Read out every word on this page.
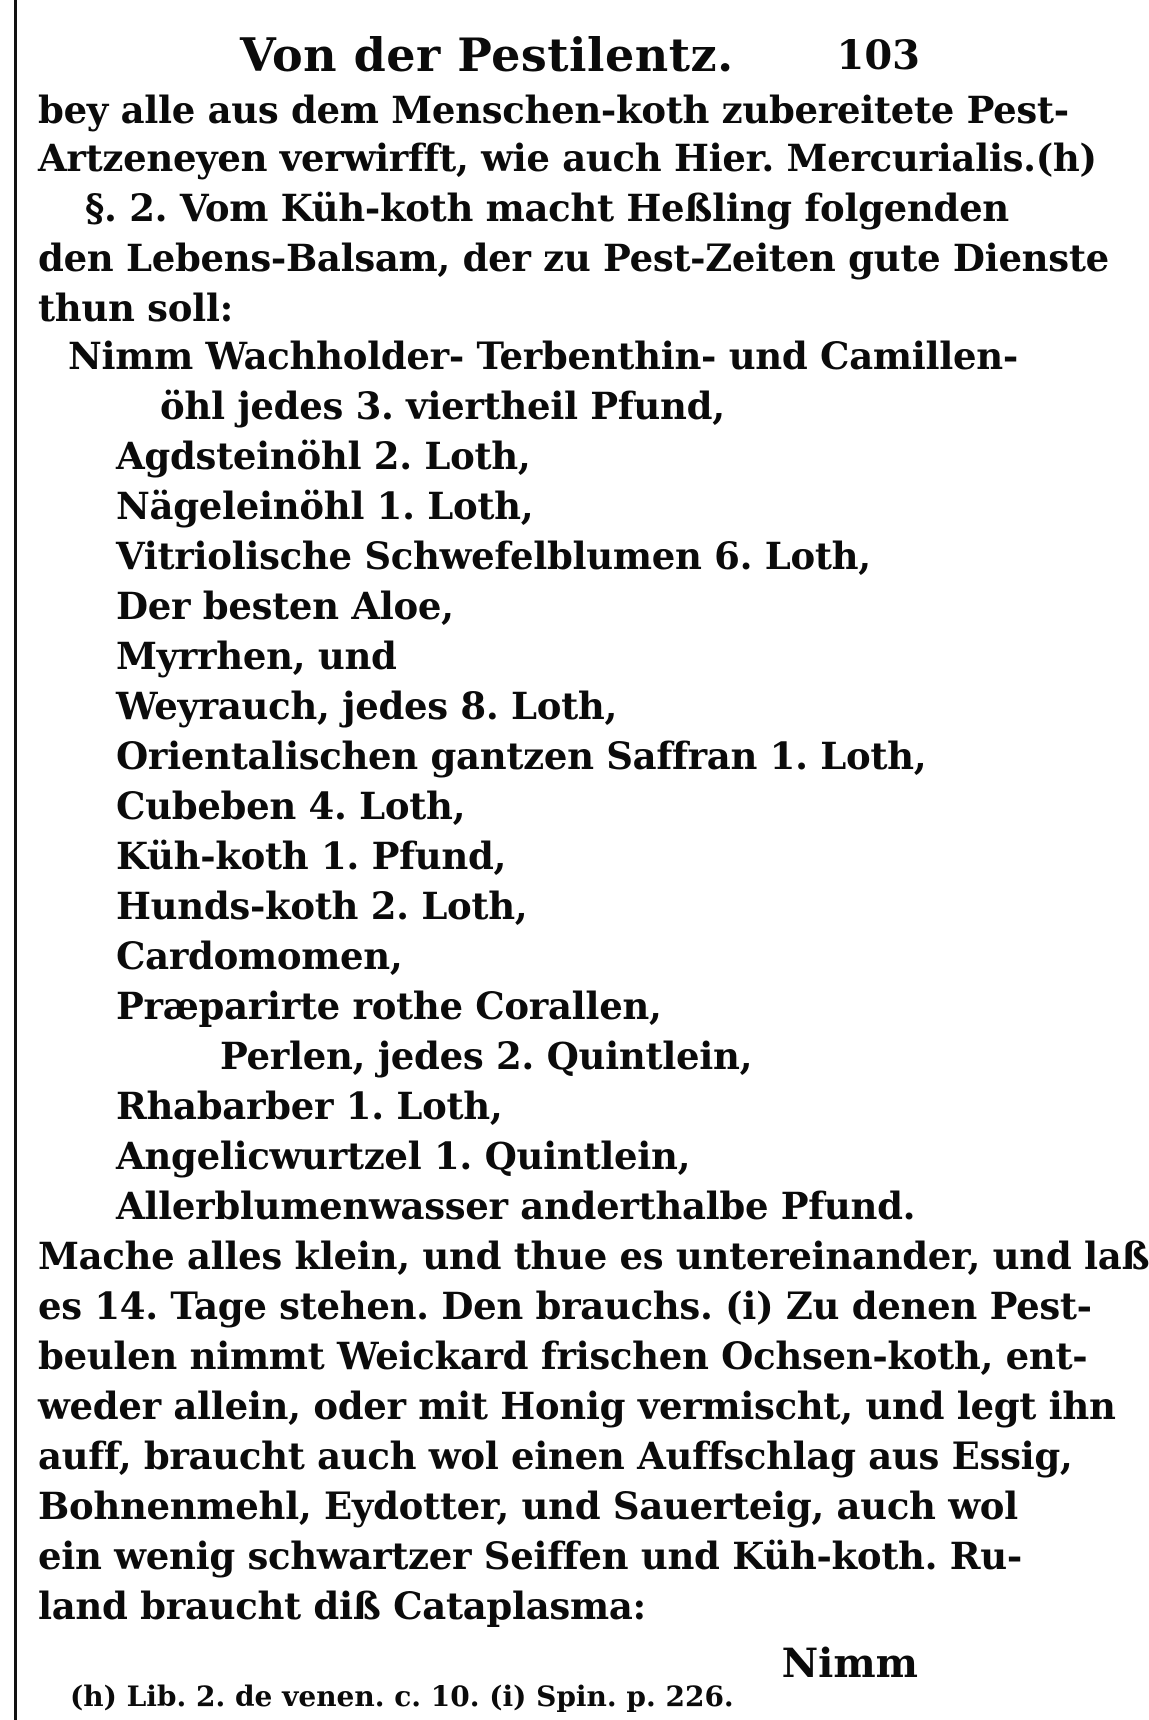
Von der Pestilentz.	103
bey alle aus dem Menschen-koth zubereitete Pest-
Artzeneyen verwirfft, wie auch Hier. Mercurialis.(h)
§. 2. Vom Küh-koth macht Heßling folgenden
den Lebens-Balsam, der zu Pest-Zeiten gute Dienste
thun soll:
Nimm Wachholder- Terbenthin- und Camillen-
öhl jedes 3. viertheil Pfund,
Agdsteinöhl 2. Loth,
Nägeleinöhl 1. Loth,
Vitriolische Schwefelblumen 6. Loth,
Der besten Aloe,
Myrrhen, und
Weyrauch, jedes 8. Loth,
Orientalischen gantzen Saffran 1. Loth,
Cubeben 4. Loth,
Küh-koth 1. Pfund,
Hunds-koth 2. Loth,
Cardomomen,
Præparirte rothe Corallen,
Perlen, jedes 2. Quintlein,
Rhabarber 1. Loth,
Angelicwurtzel 1. Quintlein,
Allerblumenwasser anderthalbe Pfund.
Mache alles klein, und thue es untereinander, und laß
es 14. Tage stehen. Den brauchs. (i) Zu denen Pest-
beulen nimmt Weickard frischen Ochsen-koth, ent-
weder allein, oder mit Honig vermischt, und legt ihn
auff, braucht auch wol einen Auffschlag aus Essig,
Bohnenmehl, Eydotter, und Sauerteig, auch wol
ein wenig schwartzer Seiffen und Küh-koth. Ru-
land braucht diß Cataplasma:
Nimm
(h) Lib. 2. de venen. c. 10. (i) Spin. p. 226.
